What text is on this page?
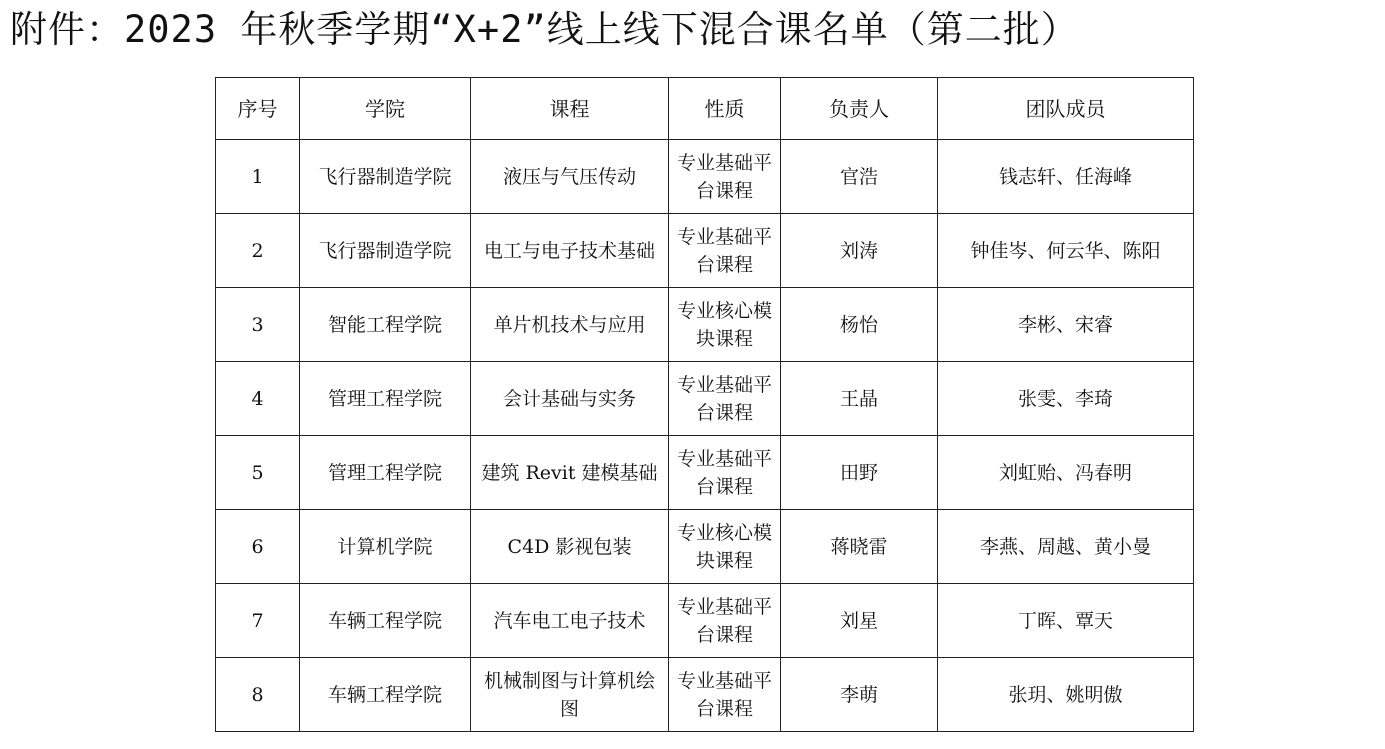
附件：2023 年秋季学期“X+2”线上线下混合课名单（第二批）
序号	学院	课程	性质	负责人	团队成员
1	飞行器制造学院	液压与气压传动	专业基础平台课程	官浩	钱志轩、任海峰
2	飞行器制造学院	电工与电子技术基础	专业基础平台课程	刘涛	钟佳岑、何云华、陈阳
3	智能工程学院	单片机技术与应用	专业核心模块课程	杨怡	李彬、宋睿
4	管理工程学院	会计基础与实务	专业基础平台课程	王晶	张雯、李琦
5	管理工程学院	建筑 Revit 建模基础	专业基础平台课程	田野	刘虹贻、冯春明
6	计算机学院	C4D 影视包装	专业核心模块课程	蒋晓雷	李燕、周越、黄小曼
7	车辆工程学院	汽车电工电子技术	专业基础平台课程	刘星	丁晖、覃天
8	车辆工程学院	机械制图与计算机绘图	专业基础平台课程	李萌	张玥、姚明傲
